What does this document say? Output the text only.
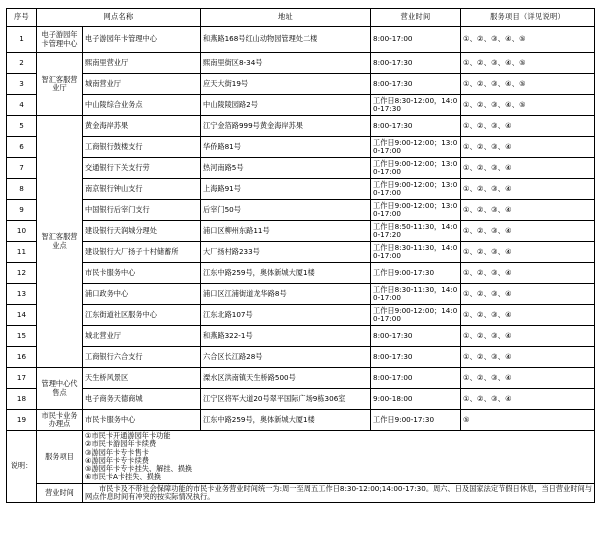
序号	网点名称		地址	营业时间	服务项目（详见说明）
1	电子游园年卡管理中心	电子游园年卡管理中心	和燕路168号红山动物园管理处二楼	8:00-17:00	①、②、③、④、⑤
2	智汇客服营业厅	熙南里营业厅	熙南里街区8-34号	8:00-17:30	①、②、③、④、⑤
3		城南营业厅	应天大街19号	8:00-17:30	①、②、③、④、⑤
4		中山陵综合业务点	中山陵陵园路2号	工作日8:30-12:00，14:00-17:30	①、②、③、④、⑤
5	智汇客服营业点	黄金海岸苏果	江宁金箔路999号黄金海岸苏果	8:00-17:30	①、②、③、④
6		工商银行鼓楼支行	华侨路81号	工作日9:00-12:00；13:00-17:00	①、②、③、④
7		交通银行下关支行劳	热河南路5号	工作日9:00-12:00；13:00-17:00	①、②、③、④
8		南京银行钟山支行	上海路91号	工作日9:00-12:00；13:00-17:00	①、②、③、④
9		中国银行后宰门支行	后宰门50号	工作日9:00-12:00；13:00-17:00	①、②、③、④
10		建设银行天润城分理处	浦口区柳州东路11号	工作日8:50-11:30，14:00-17:20	①、②、③、④
11		建设银行大厂扬子十村储蓄所	大厂扬村路233号	工作日8:30-11:30，14:00-17:00	①、②、③、④
12		市民卡服务中心	江东中路259号，奥体新城大厦1楼	工作日9:00-17:30	①、②、③、④
13		浦口政务中心	浦口区江浦街道龙华路8号	工作日8:30-11:30，14:00-17:00	①、②、③、④
14		江东街道社区服务中心	江东北路107号	工作日9:00-12:00；14:00-17:00	①、②、③、④
15		城北营业厅	和燕路322-1号	8:00-17:30	①、②、③、④
16		工商银行六合支行	六合区长江路28号	8:00-17:30	①、②、③、④
17	管理中心代售点	天生桥风景区	溧水区洪南镇天生桥路500号	8:00-17:00	①、②、③、④
18		电子商务天德商城	江宁区将军大道20号翠平国际广场9栋306室	9:00-18:00	①、②、③、④
19	市民卡业务办理点	市民卡服务中心	江东中路259号，奥体新城大厦1楼	工作日9:00-17:30	⑤
说明：	服务项目	
①市民卡开通游园年卡功能
②市民卡游园年卡续费
③游园年卡专卡售卡
④游园年卡专卡续费
⑤游园年卡专卡挂失、解挂、损换
⑥市民卡A卡挂失、损换

	营业时间	市民卡及不带社会保障功能的市民卡业务营业时间统一为:周一至周五工作日8:30-12:00;14:00-17:30。周六、日及国家法定节假日休息，当日营业时间与网点作息时间有冲突的按实际情况执行。			
